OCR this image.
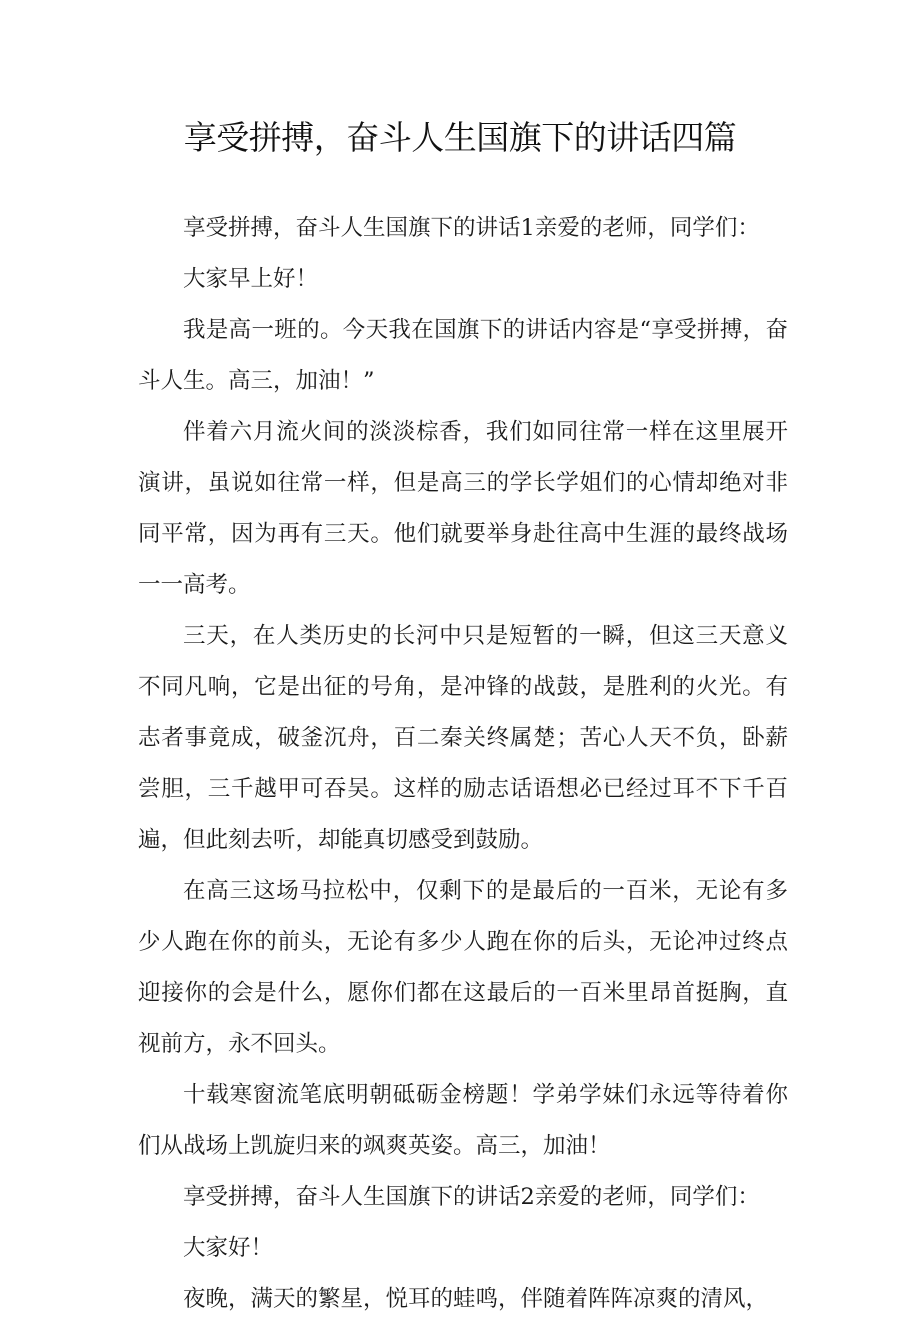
享受拼搏，奋斗人生国旗下的讲话四篇

享受拼搏，奋斗人生国旗下的讲话1亲爱的老师，同学们：

大家早上好！

我是高一班的。今天我在国旗下的讲话内容是“享受拼搏，奋斗人生。高三，加油！”

伴着六月流火间的淡淡棕香，我们如同往常一样在这里展开演讲，虽说如往常一样，但是高三的学长学姐们的心情却绝对非同平常，因为再有三天。他们就要举身赴往高中生涯的最终战场一一高考。

三天，在人类历史的长河中只是短暂的一瞬，但这三天意义不同凡响，它是出征的号角，是冲锋的战鼓，是胜利的火光。有志者事竟成，破釜沉舟，百二秦关终属楚；苦心人天不负，卧薪尝胆，三千越甲可吞吴。这样的励志话语想必已经过耳不下千百遍，但此刻去听，却能真切感受到鼓励。

在高三这场马拉松中，仅剩下的是最后的一百米，无论有多少人跑在你的前头，无论有多少人跑在你的后头，无论冲过终点迎接你的会是什么，愿你们都在这最后的一百米里昂首挺胸，直视前方，永不回头。

十载寒窗流笔底明朝砥砺金榜题！学弟学妹们永远等待着你们从战场上凯旋归来的飒爽英姿。高三，加油！

享受拼搏，奋斗人生国旗下的讲话2亲爱的老师，同学们：

大家好！

夜晚，满天的繁星，悦耳的蛙鸣，伴随着阵阵凉爽的清风，
